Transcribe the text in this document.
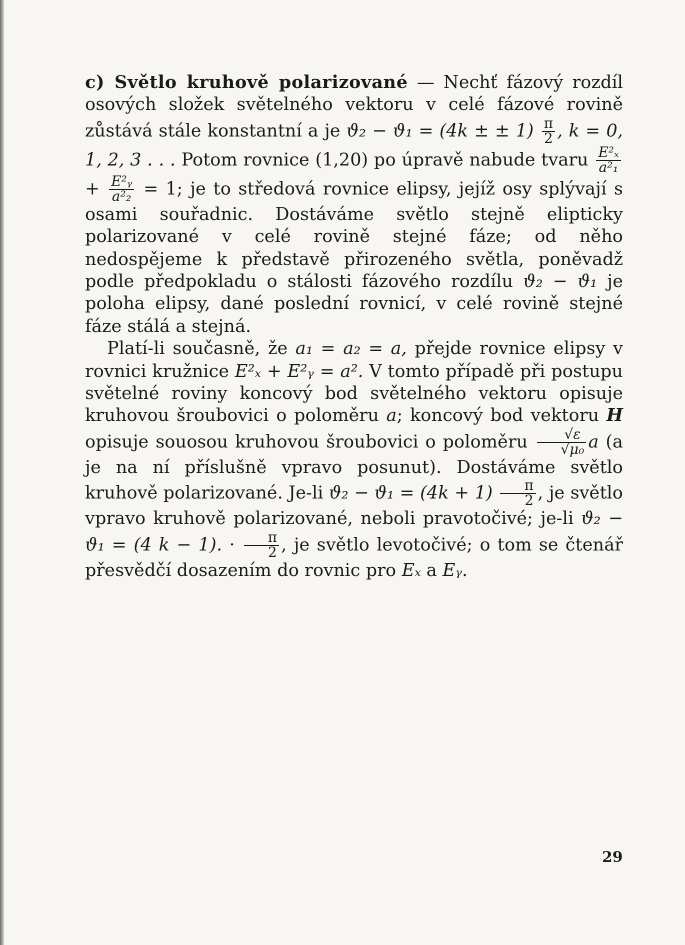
c) Světlo kruhově polarizované — Nechť fázový rozdíl osových složek světelného vektoru v celé fázové rovině zůstává stále konstantní a je ϑ₂ − ϑ₁ = (4k ± ± $1) \frac{\pi}{2}$ , k = 0, 1, 2, 3 . . . Potom rovnice (1,20) po úpravě nabude tvaru $\frac{\text{E²ₓ}}{\text{a²₁}}$
+ $\frac{\text{E²ᵧ}}{\text{a²₂}} = 1$; je to středová rovnice elipsy, jejíž osy splývají s osami souřadnic. Dostáváme světlo stejně elipticky polarizované v celé rovině stejné fáze; od něho nedospějeme k představě přirozeného světla, poněvadž podle předpokladu o stálosti fázového rozdílu ϑ₂ − ϑ₁ je poloha elipsy, dané poslední rovnicí, v celé rovině stejné fáze stálá a stejná.

Platí-li současně, že a₁ = a₂ = a, přejde rovnice elipsy v rovnici kružnice E²ₓ + E²ᵧ = a². V tomto případě při postupu světelné roviny koncový bod světelného vektoru opisuje kruhovou šroubovici o poloměru a; koncový bod vektoru H opisuje souosou kruhovou šroubovici o poloměru $\frac{√\varepsilon}{\text{√μ₀}}$ a (a je na ní příslušně vpravo posunut). Dostáváme světlo kruhově polarizované. Je-li $ϑ_2 - ϑ_1 = (4k + 1) \frac{\pi}{2}$ , je světlo vpravo kruhově polarizované, neboli pravotočivé; je-li ϑ₂ − ϑ₁ = (4 k − 1). · $\frac{\pi}{2}$ , je světlo levotočivé; o tom se čtenář přesvědčí dosazením do rovnic pro Eₓ a Eᵧ.

29
